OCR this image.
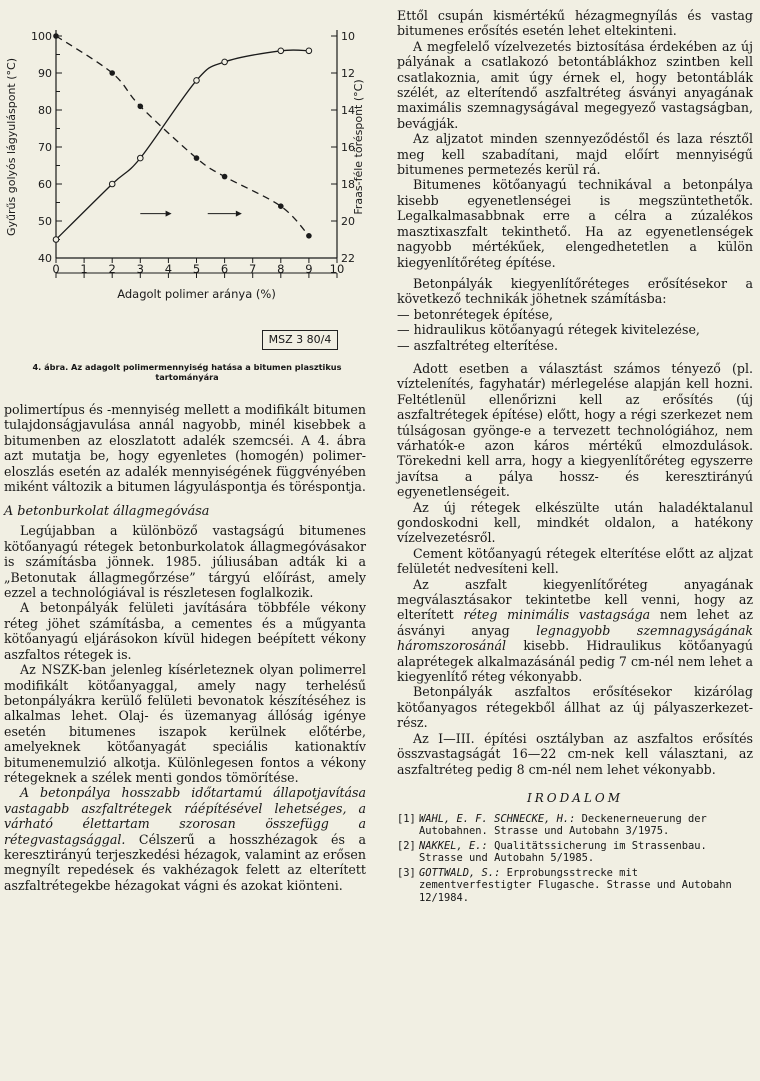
40
50
60
70
80
90
100	10
12
14
16
18
20
22
0 1 2 3 4 5 6 7 8 9 10
Adagolt polimer aránya (%)
Gyűrűs golyós lágyuláspont (°C)	Fraas-féle töréspont (°C)
MSZ 3 80/4
4. ábra. Az adagolt polimermennyiség hatása a bitumen plasztikus
tartományára

polimertípus és -mennyiség mellett a modifikált bitumen tulajdonságjavulása annál nagyobb, minél kisebbek a bitumenben az eloszlatott adalék szemcséi. A 4. ábra azt mutatja be, hogy egyenletes (homogén) polimer-eloszlás esetén az adalék mennyiségének függvényében miként változik a bitumen lágyuláspontja és töréspontja.

A betonburkolat állagmegóvása

Legújabban a különböző vastagságú bitumenes kötőanyagú rétegek betonburkolatok állagmegóvásakor is számításba jönnek. 1985. júliusában adták ki a „Betonutak állagmegőrzése” tárgyú előírást, amely ezzel a technológiával is részletesen foglalkozik.

A betonpályák felületi javítására többféle vékony réteg jöhet számításba, a cementes és a műgyanta kötőanyagú eljárásokon kívül hidegen beépített vékony aszfaltos rétegek is.

Az NSZK-ban jelenleg kísérleteznek olyan polimerrel modifikált kötőanyaggal, amely nagy terhelésű betonpályákra kerülő felületi bevonatok készítéséhez is alkalmas lehet. Olaj- és üzemanyag állóság igénye esetén bitumenes iszapok kerülnek előtérbe, amelyeknek kötőanyagát speciális kationaktív bitumenemulzió alkotja. Különlegesen fontos a vékony rétegeknek a szélek menti gondos tömörítése.

A betonpálya hosszabb időtartamú állapotjavítása vastagabb aszfaltrétegek ráépítésével lehetséges, a várható élettartam szorosan összefügg a rétegvastagsággal. Célszerű a hosszhézagok és a keresztirányú terjeszkedési hézagok, valamint az erősen megnyílt repedések és vakhézagok felett az elterített aszfaltrétegekbe hézagokat vágni és azokat kiönteni.

Ettől csupán kismértékű hézagmegnyílás és vastag bitumenes erősítés esetén lehet eltekinteni.

A megfelelő vízelvezetés biztosítása érdekében az új pályának a csatlakozó betontáblákhoz szintben kell csatlakoznia, amit úgy érnek el, hogy betontáblák szélét, az elterítendő aszfaltréteg ásványi anyagának maximális szemnagyságával megegyező vastagságban, bevágják.

Az aljzatot minden szennyeződéstől és laza résztől meg kell szabadítani, majd előírt mennyiségű bitumenes permetezés kerül rá.

Bitumenes kötőanyagú technikával a betonpálya kisebb egyenetlenségei is megszüntethetők. Legalkalmasabbnak erre a célra a zúzalékos masztixaszfalt tekinthető. Ha az egyenetlenségek nagyobb mértékűek, elengedhetetlen a külön kiegyenlítőréteg építése.

Betonpályák kiegyenlítőréteges erősítésekor a következő technikák jöhetnek számításba:

— betonrétegek építése,
— hidraulikus kötőanyagú rétegek kivitelezése,
— aszfaltréteg elterítése.

Adott esetben a választást számos tényező (pl. víztelenítés, fagyhatár) mérlegelése alapján kell hozni. Feltétlenül ellenőrizni kell az erősítés (új aszfaltrétegek építése) előtt, hogy a régi szerkezet nem túlságosan gyönge-e a tervezett technológiához, nem várhatók-e azon káros mértékű elmozdulások. Törekedni kell arra, hogy a kiegyenlítőréteg egyszerre javítsa a pálya hossz- és keresztirányú egyenetlenségeit.

Az új rétegek elkészülte után haladéktalanul gondoskodni kell, mindkét oldalon, a hatékony vízelvezetésről.

Cement kötőanyagú rétegek elterítése előtt az aljzat felületét nedvesíteni kell.

Az aszfalt kiegyenlítőréteg anyagának megválasztásakor tekintetbe kell venni, hogy az elterített réteg minimális vastagsága nem lehet az ásványi anyag legnagyobb szemnagyságának háromszorosánál kisebb. Hidraulikus kötőanyagú alaprétegek alkalmazásánál pedig 7 cm-nél nem lehet a kiegyenlítő réteg vékonyabb.

Betonpályák aszfaltos erősítésekor kizárólag kötőanyagos rétegekből állhat az új pályaszerkezet-rész.

Az I—III. építési osztályban az aszfaltos erősítés összvastagságát 16—22 cm-nek kell választani, az aszfaltréteg pedig 8 cm-nél nem lehet vékonyabb.

IRODALOM
[1] WAHL, E. F. SCHNECKE, H.: Deckenerneuerung der Autobahnen. Strasse und Autobahn 3/1975.
[2] NAKKEL, E.: Qualitätssicherung im Strassenbau. Strasse und Autobahn 5/1985.
[3] GOTTWALD, S.: Erprobungsstrecke mit zementverfestigter Flugasche. Strasse und Autobahn 12/1984.
